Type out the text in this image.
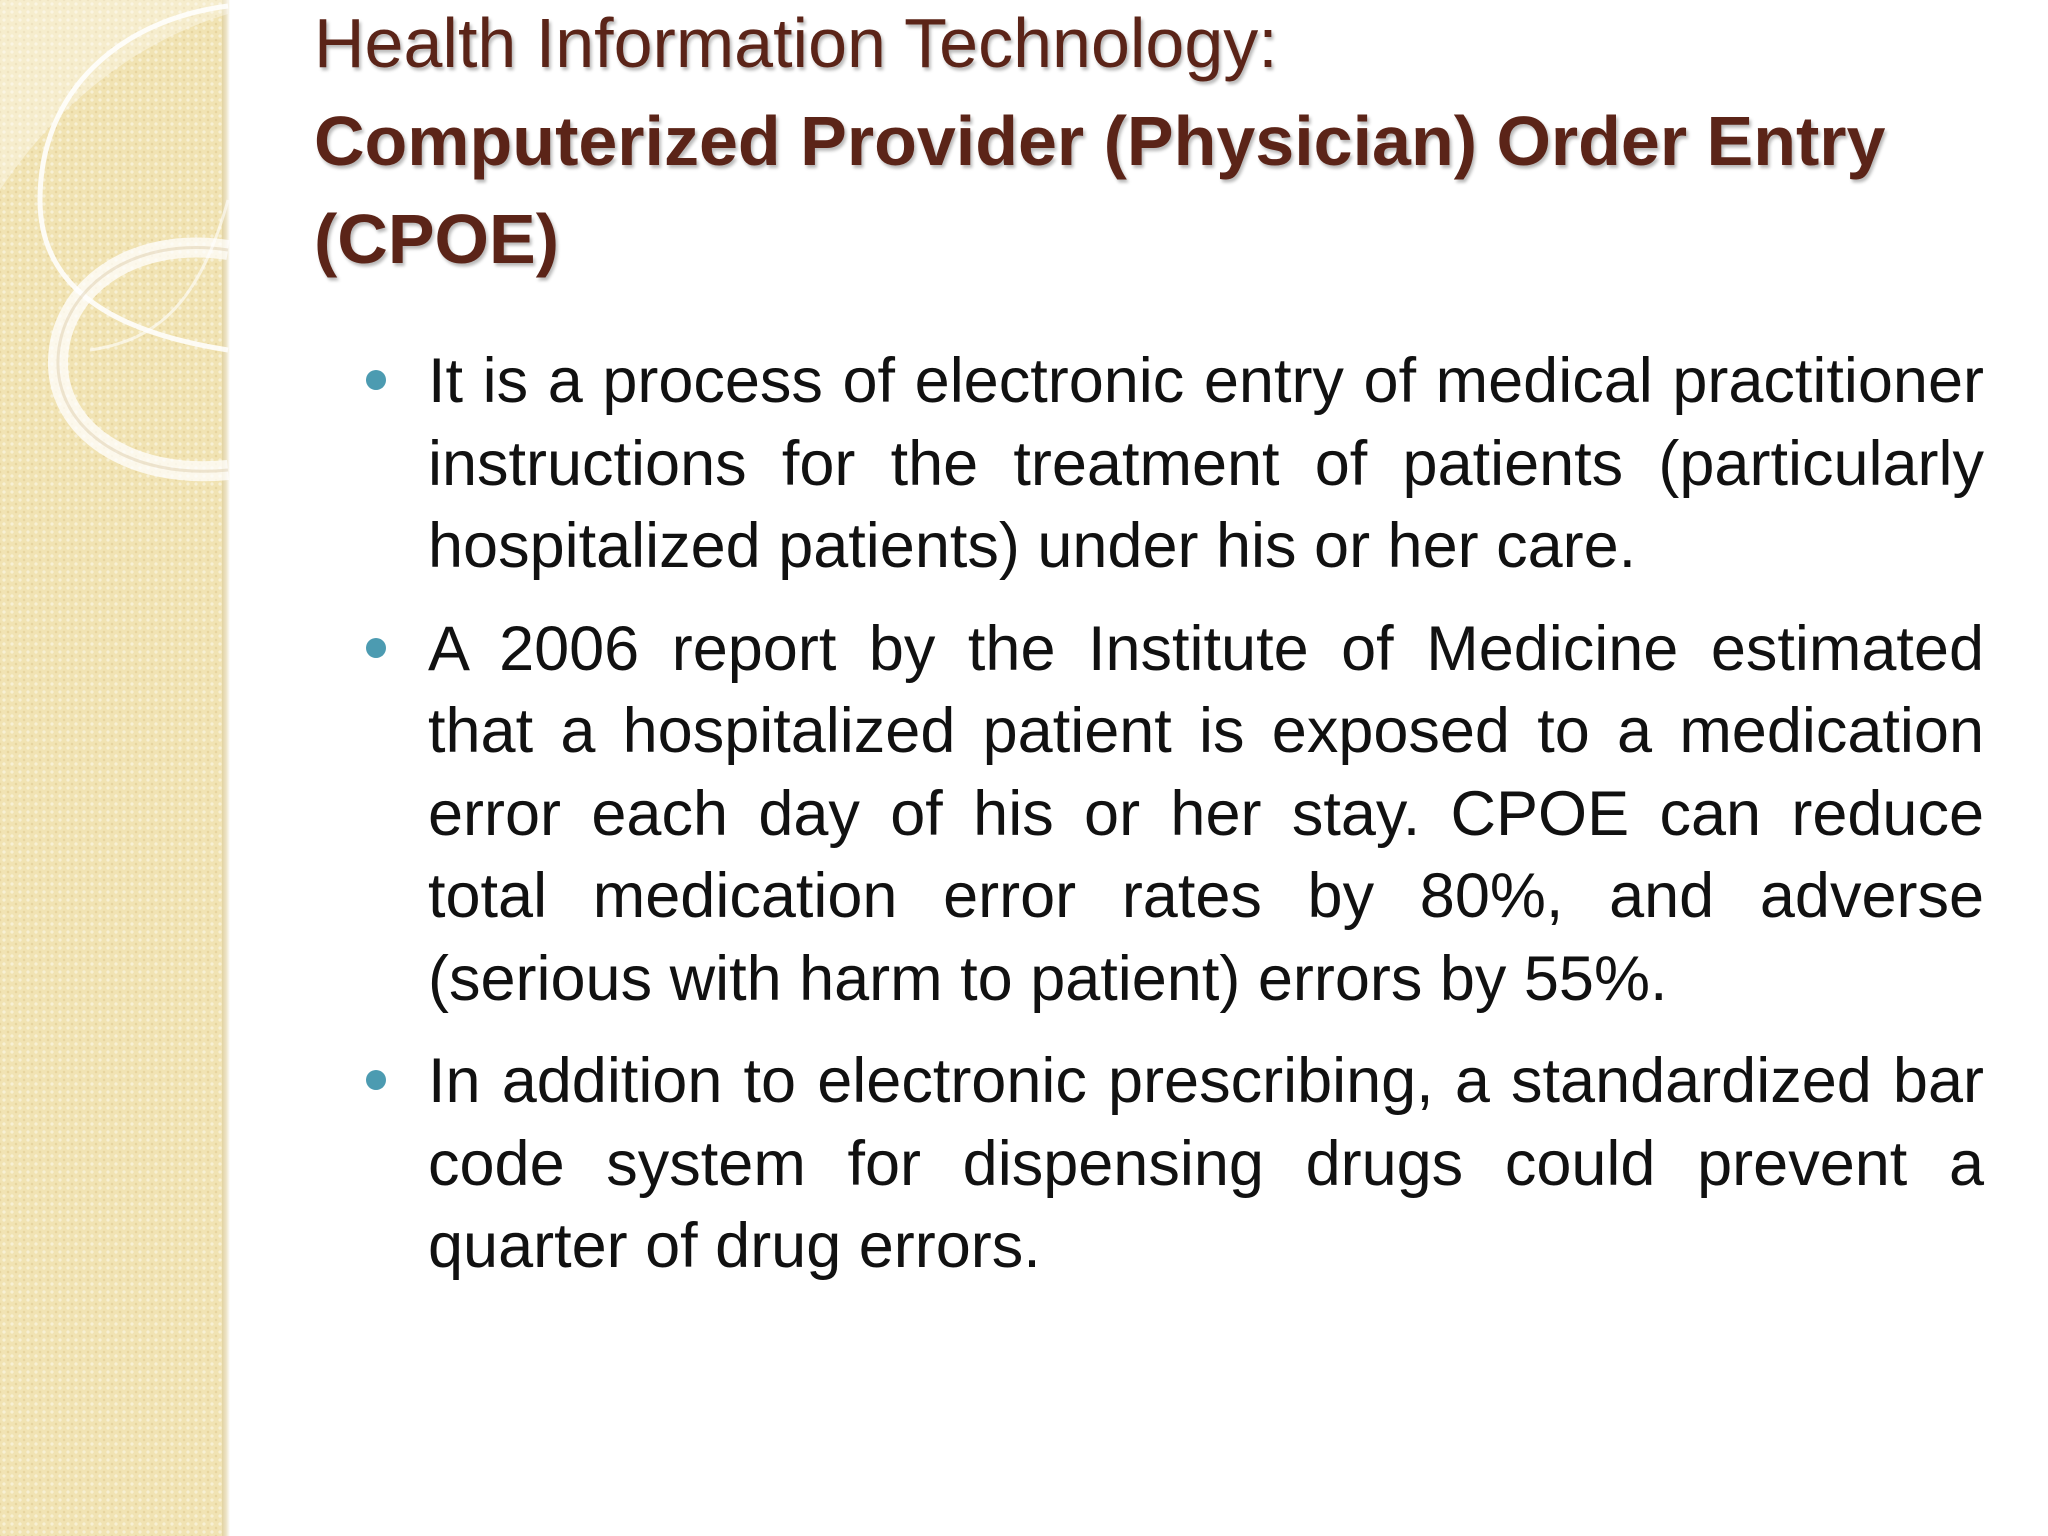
Health Information Technology:
Computerized Provider (Physician) Order Entry (CPOE)
It is a process of electronic entry of medical practitioner instructions for the treatment of patients (particularly hospitalized patients) under his or her care.
A 2006 report by the Institute of Medicine estimated that a hospitalized patient is exposed to a medication error each day of his or her stay. CPOE can reduce total medication error rates by 80%, and adverse (serious with harm to patient) errors by 55%.
In addition to electronic prescribing, a standardized bar code system for dispensing drugs could prevent a quarter of drug errors.
